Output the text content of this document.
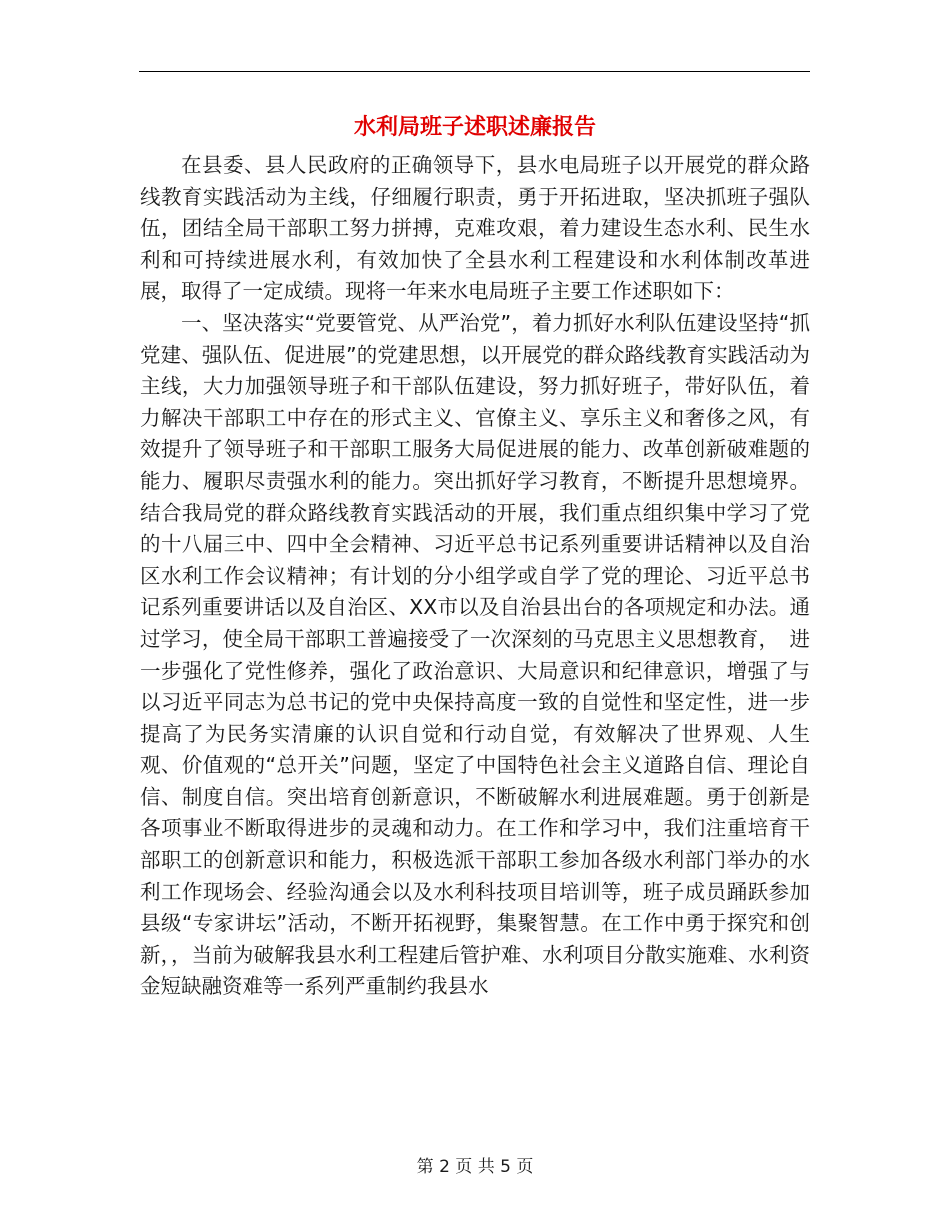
水利局班子述职述廉报告

在县委、县人民政府的正确领导下，县水电局班子以开展党的群众路线教育实践活动为主线，仔细履行职责，勇于开拓进取，坚决抓班子强队伍，团结全局干部职工努力拼搏，克难攻艰，着力建设生态水利、民生水利和可持续进展水利，有效加快了全县水利工程建设和水利体制改革进展，取得了一定成绩。现将一年来水电局班子主要工作述职如下：

一、坚决落实“党要管党、从严治党”，着力抓好水利队伍建设坚持“抓党建、强队伍、促进展”的党建思想，以开展党的群众路线教育实践活动为主线，大力加强领导班子和干部队伍建设，努力抓好班子，带好队伍，着力解决干部职工中存在的形式主义、官僚主义、享乐主义和奢侈之风，有效提升了领导班子和干部职工服务大局促进展的能力、改革创新破难题的能力、履职尽责强水利的能力。突出抓好学习教育，不断提升思想境界。结合我局党的群众路线教育实践活动的开展，我们重点组织集中学习了党的十八届三中、四中全会精神、习近平总书记系列重要讲话精神以及自治区水利工作会议精神；有计划的分小组学或自学了党的理论、习近平总书记系列重要讲话以及自治区、XX市以及自治县出台的各项规定和办法。通过学习，使全局干部职工普遍接受了一次深刻的马克思主义思想教育，　进一步强化了党性修养，强化了政治意识、大局意识和纪律意识，增强了与以习近平同志为总书记的党中央保持高度一致的自觉性和坚定性，进一步提高了为民务实清廉的认识自觉和行动自觉，有效解决了世界观、人生观、价值观的“总开关”问题，坚定了中国特色社会主义道路自信、理论自信、制度自信。突出培育创新意识，不断破解水利进展难题。勇于创新是各项事业不断取得进步的灵魂和动力。在工作和学习中，我们注重培育干部职工的创新意识和能力，积极选派干部职工参加各级水利部门举办的水利工作现场会、经验沟通会以及水利科技项目培训等，班子成员踊跃参加县级“专家讲坛”活动，不断开拓视野，集聚智慧。在工作中勇于探究和创新，，当前为破解我县水利工程建后管护难、水利项目分散实施难、水利资金短缺融资难等一系列严重制约我县水

第 2 页 共 5 页
